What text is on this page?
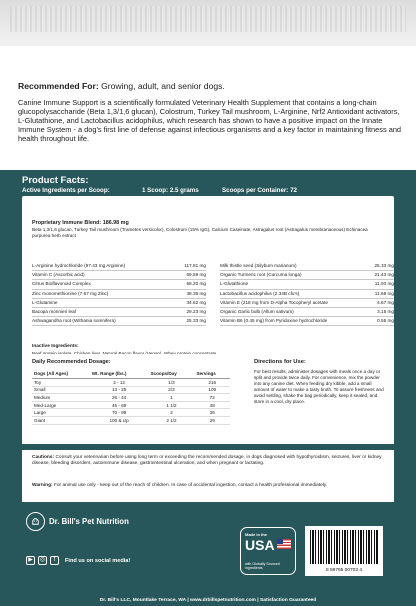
Recommended For: Growing, adult, and senior dogs.
Canine Immune Support is a scientifically formulated Veterinary Health Supplement that contains a long-chain glucopolysaccharide (Beta 1,3/1,6 glucan), Colostrum, Turkey Tail mushroom, L-Arginine, Nrf2 Antioxidant activators, L-Glutathione, and Lactobacillus acidophilus, which research has shown to have a positive impact on the Innate Immune System - a dog's first line of defense against infectious organisms and a key factor in maintaining fitness and health throughout life.
Product Facts:
Active Ingredients per Scoop:	1 Scoop: 2.5 grams	Scoops per Container: 72
Proprietary Immune Blend: 186.98 mg
Beta 1,3/1,6 glucan, Turkey Tail mushroom (Trametes versicolor), Colostrum (15% IgG), Calcium Caseinate, Astragalus root (Astragalus membranaceous) Echinacea purpurea herb extract
L-Arginine hydrochloride (97.43 mg Arginine)	117.81 mg
Vitamin C (Ascorbic acid)	69.59 mg
Citrus Bioflavonoid Complex	68.20 mg
Zinc monomethionine (7.67 mg Zinc)	38.36 mg
L-Glutamine	34.62 mg
Bacopa monnieri leaf	29.23 mg
Ashwagandha root (Withania somnifera)	25.33 mg
Milk thistle seed (Silybum marianum)	25.33 mg
Organic Turmeric root (Curcuma longa)	21.43 mg
L-Glutathione	11.93 mg
Lactobacillus acidophilus (2.34B cfu's)	11.69 mg
Vitamin E (218 mg from D-Alpha Tocopheryl acetate	4.67 mg
Organic Garlic bulb (Allum sativum)	3.15 mg
Vitamin B6 (0.45 mg) from Pyridoxine hydrochloride	0.55 mg
Inactive Ingredients:
Daily Recommended Dosage:
Dogs (All Ages)	Wt. Range (lbs.)	Scoops/Day	Servings
Toy	2 - 12	1/3	216
Small	13 - 25	2/3	109
Medium	26 - 44	1	72
Med-Large	45 - 69	1 1/2	48
Large	70 - 99	2	36
Giant	100 & Up	2 1/2	29
Directions for Use:
For best results, administer dosages with meals once a day or split and provide twice daily. For convenience, mix the powder into any canine diet. When feeding dry kibble, add a small amount of water to make a tasty broth. To assure freshness and avoid settling, shake the bag periodically, keep it sealed, and store in a cool, dry place.
Cautions: Consult your veterinarian before using long term or exceeding the recommended dosage, in dogs diagnosed with hypothyroidism, seizures, liver or kidney disease, bleeding disorders, autoimmune disease, gastrointestinal ulceration, and when pregnant or lactating.
Warning: For animal use only - keep out of the reach of children. In case of accidental ingestion, contact a health professional immediately.
Dr. Bill's Pet Nutrition
▶	◎	f	Find us on social media!
Made in the
USA
with Globally Sourced ingredients
8 59765 00703 4
Dr. Bill's LLC, Mountlake Terrace, WA | www.drbillspetnutrition.com | Satisfaction Guaranteed
